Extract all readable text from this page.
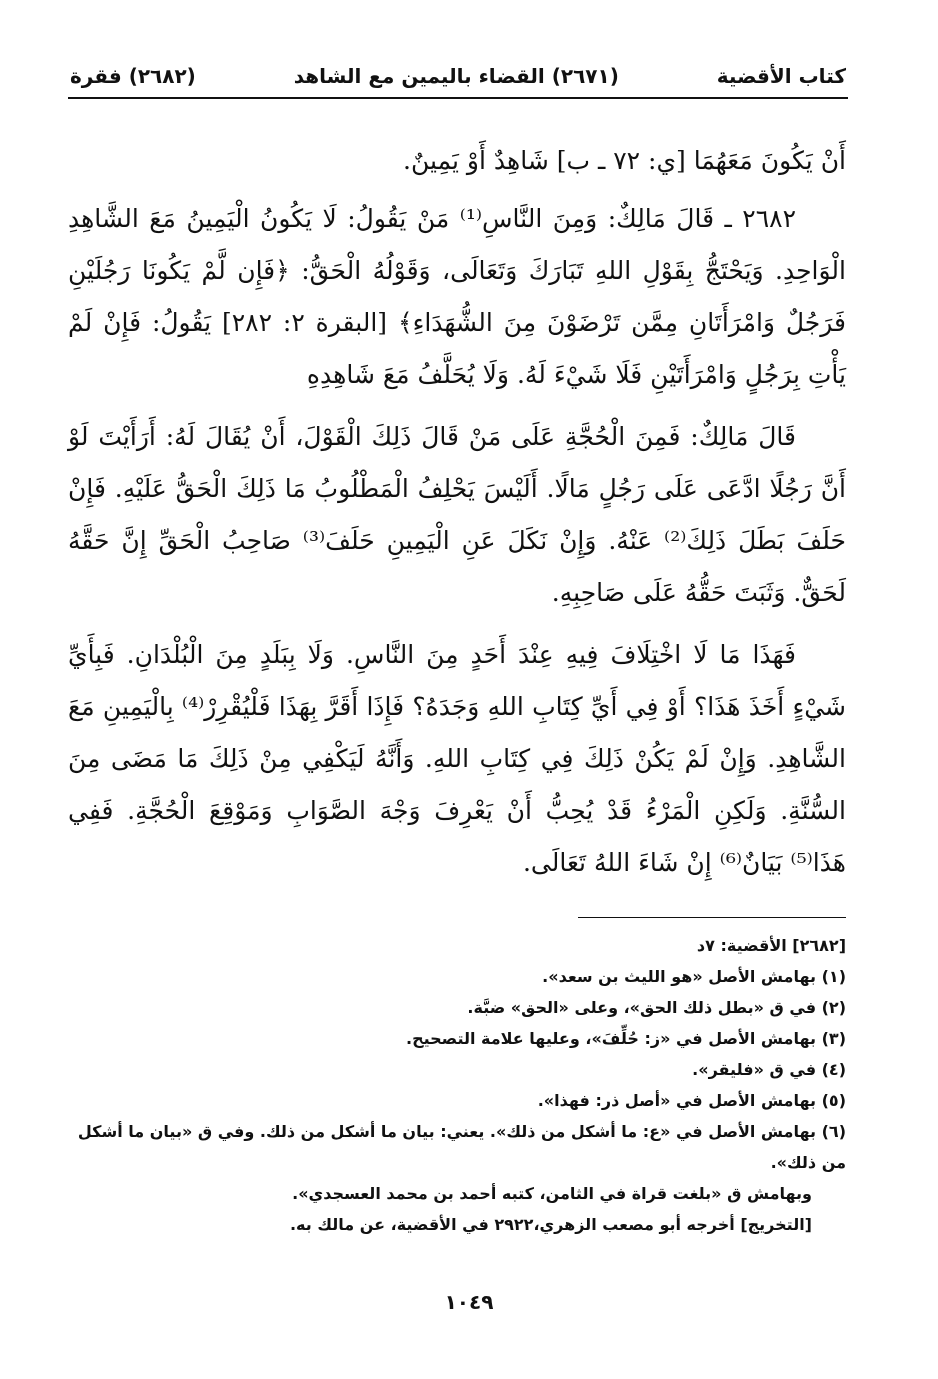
كتاب الأقضية
(٢٦٧١) القضاء باليمين مع الشاهد
(٢٦٨٢) فقرة

أَنْ يَكُونَ مَعَهُمَا [ي: ٧٢ ـ ب] شَاهِدٌ أَوْ يَمِينٌ.

٢٦٨٢ ـ قَالَ مَالِكٌ: وَمِنَ النَّاسِ⁽¹⁾ مَنْ يَقُولُ: لَا يَكُونُ الْيَمِينُ مَعَ الشَّاهِدِ الْوَاحِدِ. وَيَحْتَجُّ بِقَوْلِ اللهِ تَبَارَكَ وَتَعَالَى، وَقَوْلُهُ الْحَقُّ: ﴿فَإِن لَّمْ يَكُونَا رَجُلَيْنِ فَرَجُلٌ وَامْرَأَتَانِ مِمَّن تَرْضَوْنَ مِنَ الشُّهَدَاءِ﴾ [البقرة ٢: ٢٨٢] يَقُولُ: فَإِنْ لَمْ يَأْتِ بِرَجُلٍ وَامْرَأَتَيْنِ فَلَا شَيْءَ لَهُ. وَلَا يُحَلَّفُ مَعَ شَاهِدِهِ

قَالَ مَالِكٌ: فَمِنَ الْحُجَّةِ عَلَى مَنْ قَالَ ذَلِكَ الْقَوْلَ، أَنْ يُقَالَ لَهُ: أَرَأَيْتَ لَوْ أَنَّ رَجُلًا ادَّعَى عَلَى رَجُلٍ مَالًا. أَلَيْسَ يَحْلِفُ الْمَطْلُوبُ مَا ذَلِكَ الْحَقُّ عَلَيْهِ. فَإِنْ حَلَفَ بَطَلَ ذَلِكَ⁽²⁾ عَنْهُ. وَإِنْ نَكَلَ عَنِ الْيَمِينِ حَلَفَ⁽³⁾ صَاحِبُ الْحَقِّ إِنَّ حَقَّهُ لَحَقٌّ. وَثَبَتَ حَقُّهُ عَلَى صَاحِبِهِ.

فَهَذَا مَا لَا اخْتِلَافَ فِيهِ عِنْدَ أَحَدٍ مِنَ النَّاسِ. وَلَا بِبَلَدٍ مِنَ الْبُلْدَانِ. فَبِأَيِّ شَيْءٍ أَخَذَ هَذَا؟ أَوْ فِي أَيِّ كِتَابِ اللهِ وَجَدَهُ؟ فَإِذَا أَقَرَّ بِهَذَا فَلْيُقْرِرْ⁽⁴⁾ بِالْيَمِينِ مَعَ الشَّاهِدِ. وَإِنْ لَمْ يَكُنْ ذَلِكَ فِي كِتَابِ اللهِ. وَأَنَّهُ لَيَكْفِي مِنْ ذَلِكَ مَا مَضَى مِنَ السُّنَّةِ. وَلَكِنِ الْمَرْءُ قَدْ يُحِبُّ أَنْ يَعْرِفَ وَجْهَ الصَّوَابِ وَمَوْقِعَ الْحُجَّةِ. فَفِي هَذَا⁽⁵⁾ بَيَانٌ⁽⁶⁾ إِنْ شَاءَ اللهُ تَعَالَى.

[٢٦٨٢] الأقضية: ٧د
(١) بهامش الأصل «هو الليث بن سعد».
(٢) في ق «بطل ذلك الحق»، وعلى «الحق» ضبَّة.
(٣) بهامش الأصل في «ز: حُلِّفَ»، وعليها علامة التصحيح.
(٤) في ق «فليقر».
(٥) بهامش الأصل في «أصل ذر: فهذا».
(٦) بهامش الأصل في «ع: ما أشكل من ذلك». يعني: بيان ما أشكل من ذلك. وفي ق «بيان ما أشكل من ذلك».
وبهامش ق «بلغت قراة في الثامن، كتبه أحمد بن محمد العسجدي».
[التخريج] أخرجه أبو مصعب الزهري،٢٩٢٢ في الأقضية، عن مالك به.
١٠٤٩
